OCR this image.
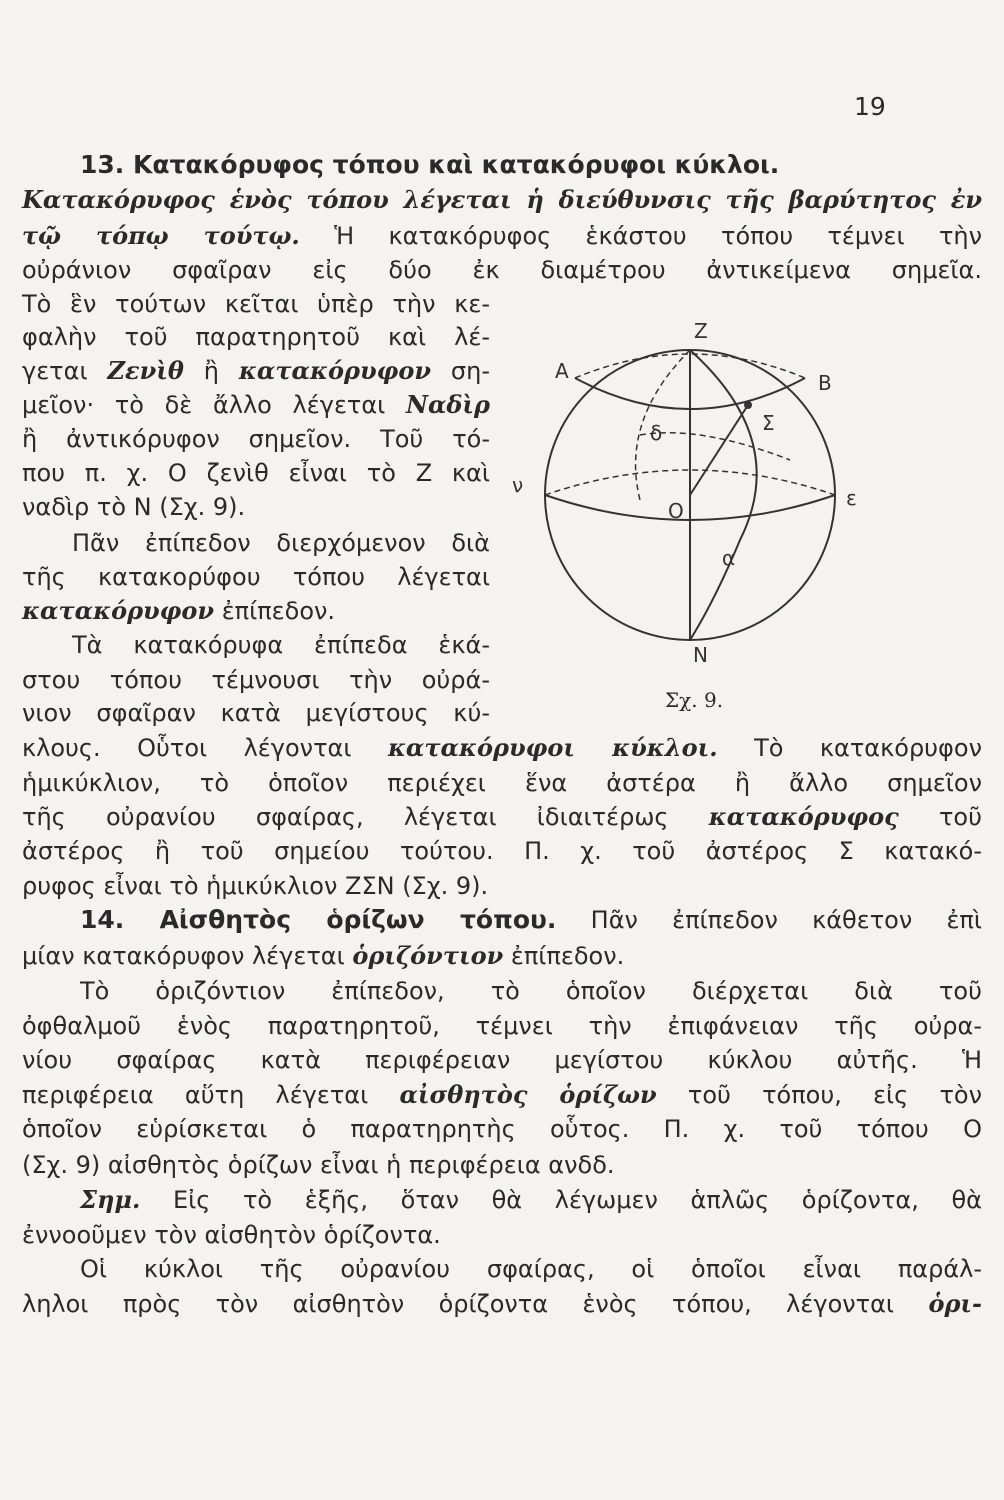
19
13. Κατακόρυφος τόπου καὶ κατακόρυφοι κύκλοι.
Κατακόρυφος ἑνὸς τόπου λέγεται ἡ διεύθυνσις τῆς βαρύτητος ἐν
τῷ τόπῳ τούτῳ. Ἡ κατακόρυφος ἑκάστου τόπου τέμνει τὴν
οὐράνιον σφαῖραν εἰς δύο ἐκ διαμέτρου ἀντικείμενα σημεῖα.
Τὸ ἓν τούτων κεῖται ὑπὲρ τὴν κε-
φαλὴν τοῦ παρατηρητοῦ καὶ λέ-
γεται Ζενὶθ ἢ κατακόρυφον ση-
μεῖον· τὸ δὲ ἄλλο λέγεται Ναδὶρ
ἢ ἀντικόρυφον σημεῖον. Τοῦ τό-
που π. χ. Ο ζενὶθ εἶναι τὸ Ζ καὶ
ναδὶρ τὸ Ν (Σχ. 9).
Πᾶν ἐπίπεδον διερχόμενον διὰ
τῆς κατακορύφου τόπου λέγεται
κατακόρυφον ἐπίπεδον.
Τὰ κατακόρυφα ἐπίπεδα ἑκά-
στου τόπου τέμνουσι τὴν οὐρά-
νιον σφαῖραν κατὰ μεγίστους κύ-
κλους. Οὗτοι λέγονται κατακόρυφοι κύκλοι. Τὸ κατακόρυφον
ἡμικύκλιον, τὸ ὁποῖον περιέχει ἕνα ἀστέρα ἢ ἄλλο σημεῖον
τῆς οὐρανίου σφαίρας, λέγεται ἰδιαιτέρως κατακόρυφος τοῦ
ἀστέρος ἢ τοῦ σημείου τούτου. Π. χ. τοῦ ἀστέρος Σ κατακό-
ρυφος εἶναι τὸ ἡμικύκλιον ΖΣΝ (Σχ. 9).
14. Αἰσθητὸς ὁρίζων τόπου. Πᾶν ἐπίπεδον κάθετον ἐπὶ
μίαν κατακόρυφον λέγεται ὁριζόντιον ἐπίπεδον.
Τὸ ὁριζόντιον ἐπίπεδον, τὸ ὁποῖον διέρχεται διὰ τοῦ
ὀφθαλμοῦ ἑνὸς παρατηρητοῦ, τέμνει τὴν ἐπιφάνειαν τῆς οὐρα-
νίου σφαίρας κατὰ περιφέρειαν μεγίστου κύκλου αὐτῆς. Ἡ
περιφέρεια αὕτη λέγεται αἰσθητὸς ὁρίζων τοῦ τόπου, εἰς τὸν
ὁποῖον εὑρίσκεται ὁ παρατηρητὴς οὗτος. Π. χ. τοῦ τόπου Ο
(Σχ. 9) αἰσθητὸς ὁρίζων εἶναι ἡ περιφέρεια ανδδ.
Σημ. Εἰς τὸ ἑξῆς, ὅταν θὰ λέγωμεν ἁπλῶς ὁρίζοντα, θὰ
ἐννοοῦμεν τὸν αἰσθητὸν ὁρίζοντα.
Οἱ κύκλοι τῆς οὐρανίου σφαίρας, οἱ ὁποῖοι εἶναι παράλ-
ληλοι πρὸς τὸν αἰσθητὸν ὁρίζοντα ἑνὸς τόπου, λέγονται ὁρι-
Z
A	B
Σ
δ
ν
O
ε
α
N
Σχ. 9.
